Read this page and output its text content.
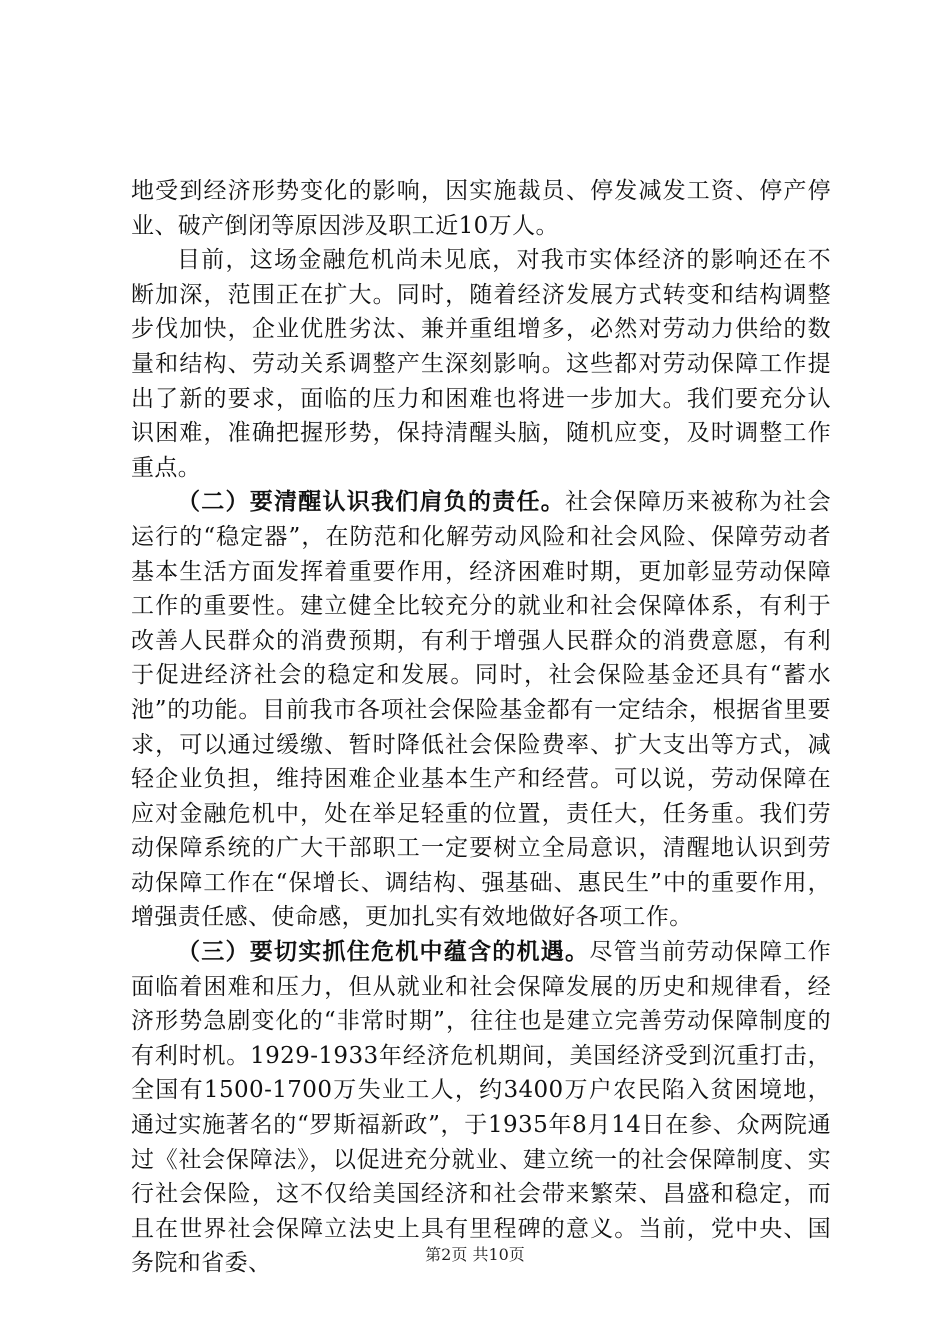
地受到经济形势变化的影响，因实施裁员、停发减发工资、停产停业、破产倒闭等原因涉及职工近10万人。

目前，这场金融危机尚未见底，对我市实体经济的影响还在不断加深，范围正在扩大。同时，随着经济发展方式转变和结构调整步伐加快，企业优胜劣汰、兼并重组增多，必然对劳动力供给的数量和结构、劳动关系调整产生深刻影响。这些都对劳动保障工作提出了新的要求，面临的压力和困难也将进一步加大。我们要充分认识困难，准确把握形势，保持清醒头脑，随机应变，及时调整工作重点。

（二）要清醒认识我们肩负的责任。社会保障历来被称为社会运行的“稳定器”，在防范和化解劳动风险和社会风险、保障劳动者基本生活方面发挥着重要作用，经济困难时期，更加彰显劳动保障工作的重要性。建立健全比较充分的就业和社会保障体系，有利于改善人民群众的消费预期，有利于增强人民群众的消费意愿，有利于促进经济社会的稳定和发展。同时，社会保险基金还具有“蓄水池”的功能。目前我市各项社会保险基金都有一定结余，根据省里要求，可以通过缓缴、暂时降低社会保险费率、扩大支出等方式，减轻企业负担，维持困难企业基本生产和经营。可以说，劳动保障在应对金融危机中，处在举足轻重的位置，责任大，任务重。我们劳动保障系统的广大干部职工一定要树立全局意识，清醒地认识到劳动保障工作在“保增长、调结构、强基础、惠民生”中的重要作用，增强责任感、使命感，更加扎实有效地做好各项工作。

（三）要切实抓住危机中蕴含的机遇。尽管当前劳动保障工作面临着困难和压力，但从就业和社会保障发展的历史和规律看，经济形势急剧变化的“非常时期”，往往也是建立完善劳动保障制度的有利时机。1929-1933年经济危机期间，美国经济受到沉重打击，全国有1500-1700万失业工人，约3400万户农民陷入贫困境地，通过实施著名的“罗斯福新政”，于1935年8月14日在参、众两院通过《社会保障法》，以促进充分就业、建立统一的社会保障制度、实行社会保险，这不仅给美国经济和社会带来繁荣、昌盛和稳定，而且在世界社会保障立法史上具有里程碑的意义。当前，党中央、国务院和省委、	第2页 共10页
